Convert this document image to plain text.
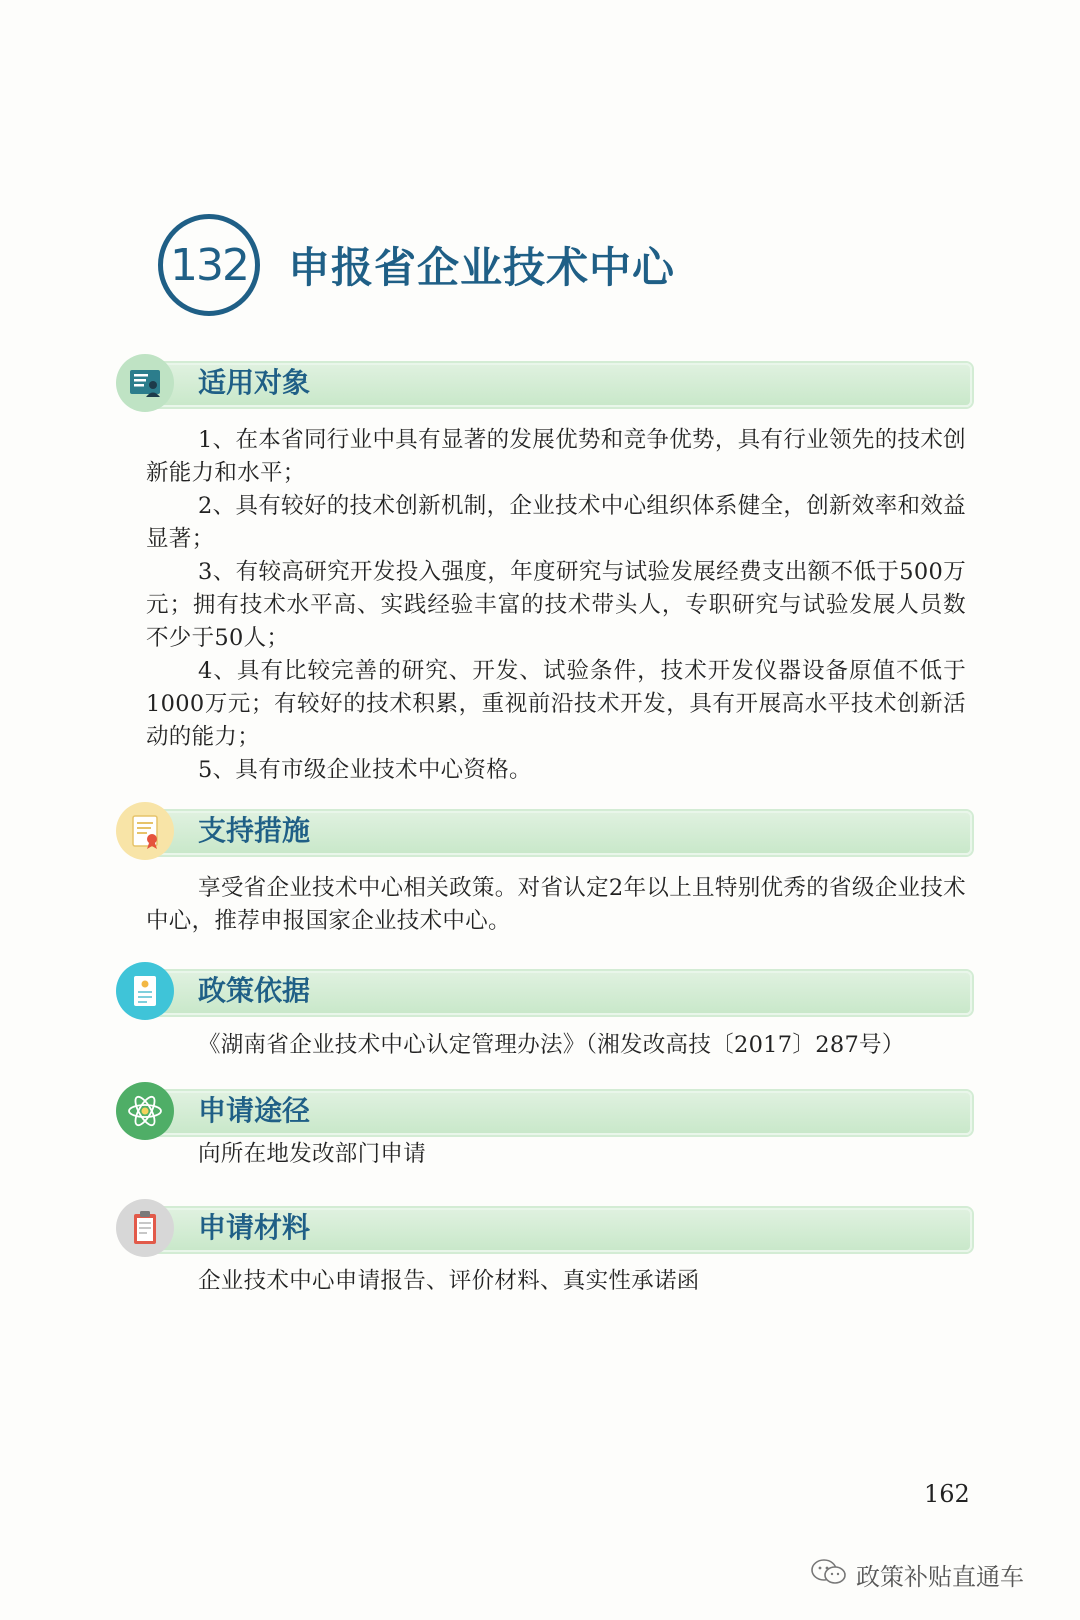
132 申报省企业技术中心
适用对象
1、在本省同行业中具有显著的发展优势和竞争优势，具有行业领先的技术创新能力和水平；
2、具有较好的技术创新机制，企业技术中心组织体系健全，创新效率和效益显著；
3、有较高研究开发投入强度，年度研究与试验发展经费支出额不低于500万元；拥有技术水平高、实践经验丰富的技术带头人，专职研究与试验发展人员数不少于50人；
4、具有比较完善的研究、开发、试验条件，技术开发仪器设备原值不低于1000万元；有较好的技术积累，重视前沿技术开发，具有开展高水平技术创新活动的能力；
5、具有市级企业技术中心资格。
支持措施
享受省企业技术中心相关政策。对省认定2年以上且特别优秀的省级企业技术中心，推荐申报国家企业技术中心。
政策依据
《湖南省企业技术中心认定管理办法》（湘发改高技〔2017〕287号）
申请途径
向所在地发改部门申请
申请材料
企业技术中心申请报告、评价材料、真实性承诺函
162
政策补贴直通车
